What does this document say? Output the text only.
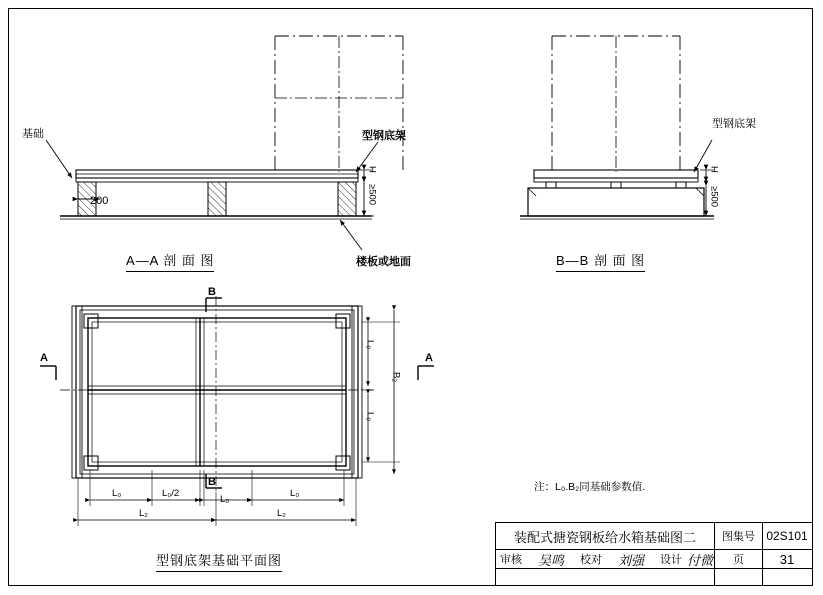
基础	型钢底架
200
H
≥500
楼板或地面
A—A 剖 面 图
型钢底架
H
≥500
B—B 剖 面 图
A	A
B
B
L₀
L₀
B₂
L₀	L₀/2
L₀
L₀
L₂	L₂
型钢底架基础平面图
注：L₀.B₂同基础参数值.
装配式搪瓷钢板给水箱基础图二	图集号 02S101
审核	吴鸣	校对	刘强	设计 付微	页	31
